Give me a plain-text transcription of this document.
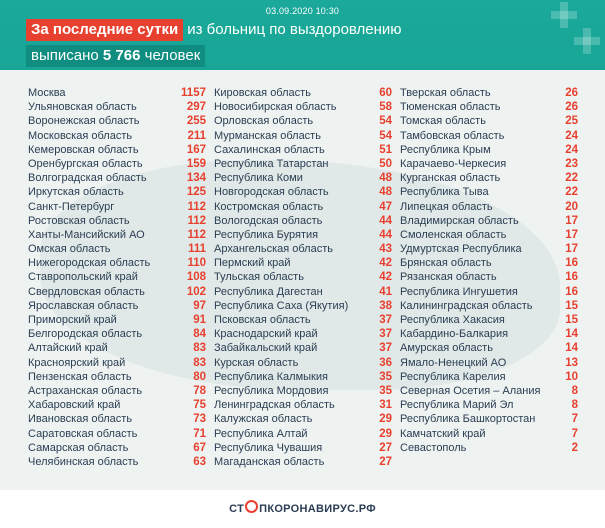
03.09.2020 10:30
За последние сутки из больниц по выздоровлению
выписано 5 766 человек
Москва	1157
Ульяновская область	297
Воронежская область	255
Московская область	211
Кемеровская область	167
Оренбургская область	159
Волгоградская область	134
Иркутская область	125
Санкт-Петербург	112
Ростовская область	112
Ханты-Мансийский АО	112
Омская область	111
Нижегородская область	110
Ставропольский край	108
Свердловская область	102
Ярославская область	97
Приморский край	91
Белгородская область	84
Алтайский край	83
Красноярский край	83
Пензенская область	80
Астраханская область	78
Хабаровский край	75
Ивановская область	73
Саратовская область	71
Самарская область	67
Челябинская область	63
Кировская область	60
Новосибирская область	58
Орловская область	54
Мурманская область	54
Сахалинская область	51
Республика Татарстан	50
Республика Коми	48
Новгородская область	48
Костромская область	47
Вологодская область	44
Республика Бурятия	44
Архангельская область	43
Пермский край	42
Тульская область	42
Республика Дагестан	41
Республика Саха (Якутия)	38
Псковская область	37
Краснодарский край	37
Забайкальский край	37
Курская область	36
Республика Калмыкия	35
Республика Мордовия	35
Ленинградская область	31
Калужская область	29
Республика Алтай	29
Республика Чувашия	27
Магаданская область	27
Тверская область	26
Тюменская область	26
Томская область	25
Тамбовская область	24
Республика Крым	24
Карачаево-Черкесия	23
Курганская область	22
Республика Тыва	22
Липецкая область	20
Владимирская область	17
Смоленская область	17
Удмуртская Республика	17
Брянская область	16
Рязанская область	16
Республика Ингушетия	16
Калининградская область	15
Республика Хакасия	15
Кабардино-Балкария	14
Амурская область	14
Ямало-Ненецкий АО	13
Республика Карелия	10
Северная Осетия – Алания	8
Республика Марий Эл	8
Республика Башкортостан	7
Камчатский край	7
Севастополь	2
СТ ПКОРОНАВИРУС.РФ
